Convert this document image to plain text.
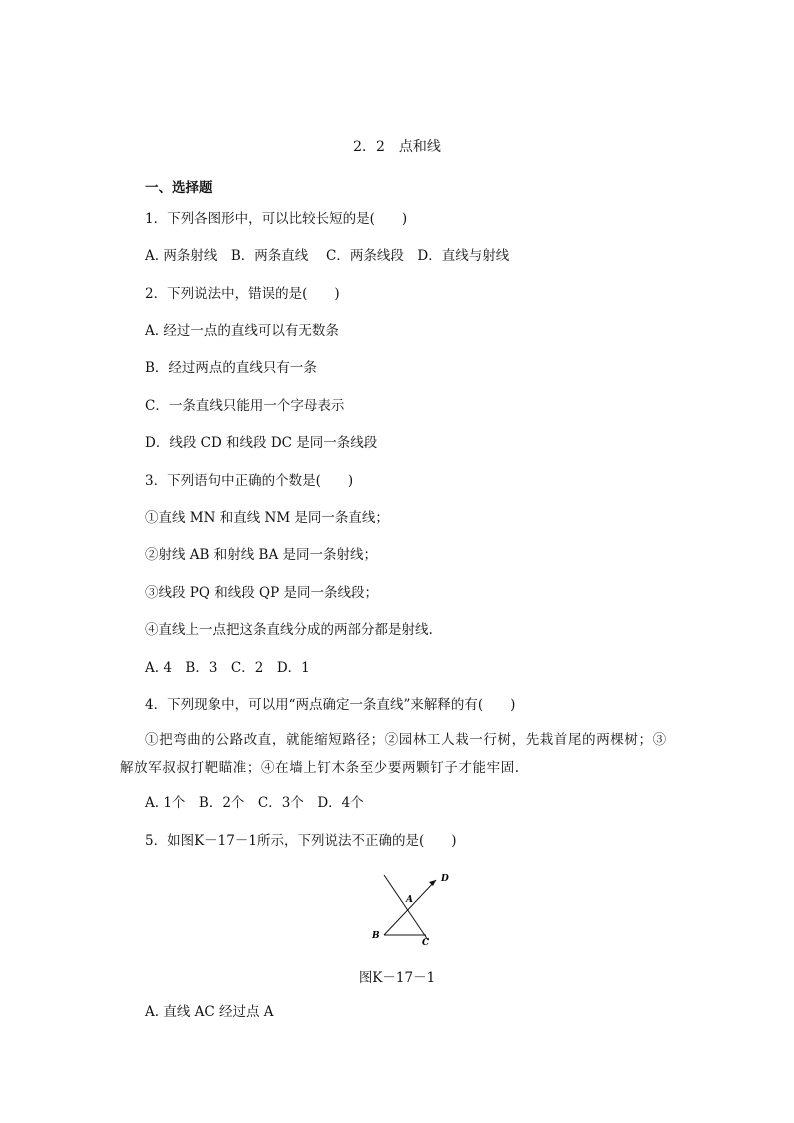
2．2　点和线
一、选择题
1．下列各图形中，可以比较长短的是(　　)
A. 两条射线　B．两条直线　 C．两条线段　D．直线与射线
2．下列说法中，错误的是(　　)
A. 经过一点的直线可以有无数条
B．经过两点的直线只有一条
C．一条直线只能用一个字母表示
D．线段 CD 和线段 DC 是同一条线段
3．下列语句中正确的个数是(　　)
①直线 MN 和直线 NM 是同一条直线；
②射线 AB 和射线 BA 是同一条射线；
③线段 PQ 和线段 QP 是同一条线段；
④直线上一点把这条直线分成的两部分都是射线.
A. 4　B．3　C．2　D．1
4．下列现象中，可以用“两点确定一条直线”来解释的有(　　)
①把弯曲的公路改直，就能缩短路径；②园林工人栽一行树，先栽首尾的两棵树；③解放军叔叔打靶瞄准；④在墙上钉木条至少要两颗钉子才能牢固.
A. 1个　B．2个　C．3个　D．4个
5．如图K－17－1所示，下列说法不正确的是(　　)
A
B
C
D
图K－17－1
A. 直线 AC 经过点 A
